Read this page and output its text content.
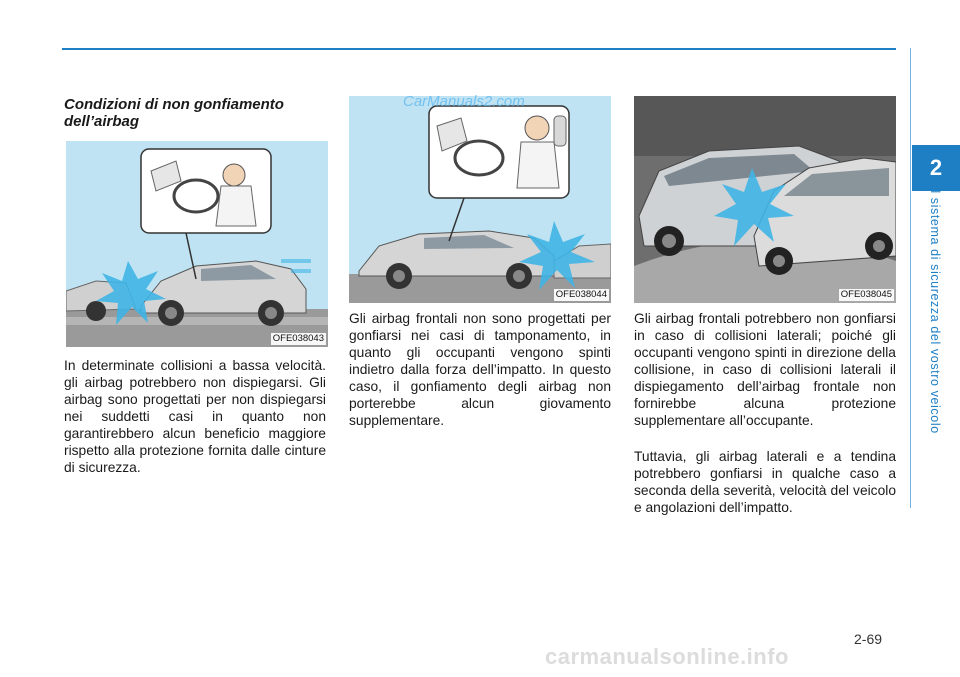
2
Il sistema di sicurezza del vostro veicolo
Condizioni di non gonfiamento dell’airbag
OFE038043
OFE038044	OFE038045
CarManuals2.com

In determinate collisioni a bassa velocità. gli airbag potrebbero non dispiegarsi. Gli airbag sono progettati per non dispiegarsi nei suddetti casi in quanto non garantirebbero alcun beneficio maggiore rispetto alla protezione fornita dalle cinture di sicurezza.

Gli airbag frontali non sono progettati per gonfiarsi nei casi di tamponamento, in quanto gli occupanti vengono spinti indietro dalla forza dell’impatto. In questo caso, il gonfiamento degli airbag non porterebbe alcun giovamento supplementare.

Gli airbag frontali potrebbero non gonfiarsi in caso di collisioni laterali; poiché gli occupanti vengono spinti in direzione della collisione, in caso di collisioni laterali il dispiegamento dell’airbag frontale non fornirebbe alcuna protezione supplementare all’occupante.

Tuttavia, gli airbag laterali e a tendina potrebbero gonfiarsi in qualche caso a seconda della severità, velocità del veicolo e angolazioni dell’impatto.

2-69
carmanualsonline.info
